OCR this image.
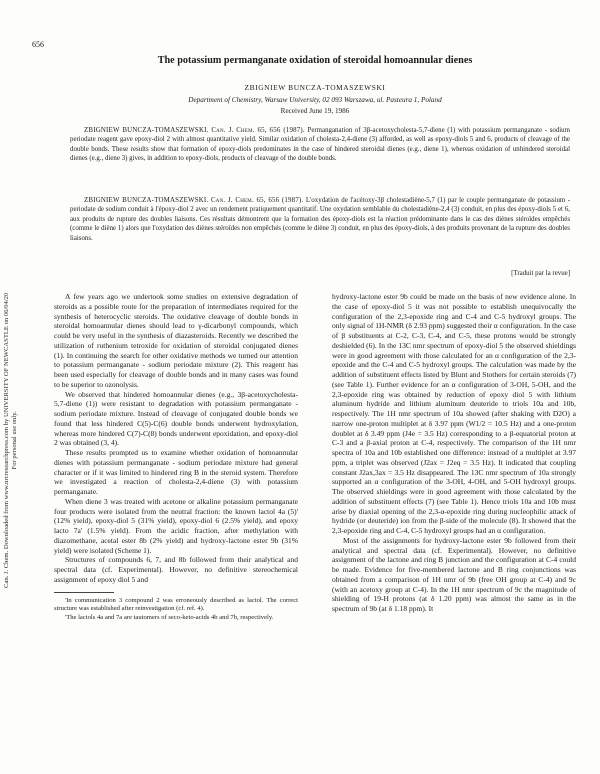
656
Can. J. Chem. Downloaded from www.nrcresearchpress.com by UNIVERSITY OF NEWCASTLE on 06/04/20 For personal use only.
The potassium permanganate oxidation of steroidal homoannular dienes
ZBIGNIEW BUNCZA-TOMASZEWSKI
Department of Chemistry, Warsaw University, 02 093 Warszawa, ul. Pasteura 1, Poland
Received June 19, 1986

ZBIGNIEW BUNCZA-TOMASZEWSKI. Can. J. Chem. 65, 656 (1987). Permanganation of 3β-acetoxycholesta-5,7-diene (1) with potassium permanganate - sodium periodate reagent gave epoxy-diol 2 with almost quantitative yield. Similar oxidation of cholesta-2,4-diene (3) afforded, as well as epoxy-diols 5 and 6, products of cleavage of the double bonds. These results show that formation of epoxy-diols predominates in the case of hindered steroidal dienes (e.g., diene 1), whereas oxidation of unhindered steroidal dienes (e.g., diene 3) gives, in addition to epoxy-diols, products of cleavage of the double bonds.

ZBIGNIEW BUNCZA-TOMASZEWSKI. Can. J. Chem. 65, 656 (1987). L'oxydation de l'acétoxy-3β cholestadiène-5,7 (1) par le couple permanganate de potassium - periodate de sodium conduit à l'époxy-diol 2 avec un rendement pratiquement quantitatif. Une oxydation semblable du cholestadiène-2,4 (3) conduit, en plus des époxy-diols 5 et 6, aux produits de rupture des doubles liaisons. Ces résultats démontrent que la formation des époxy-diols est la réaction prédominante dans le cas des diènes stéroïdes empêchés (comme le diène 1) alors que l'oxydation des diènes stéroïdes non empêchés (comme le diène 3) conduit, en plus des époxy-diols, à des produits provenant de la rupture des doubles liaisons.

[Traduit par la revue]

A few years ago we undertook some studies on extensive degradation of steroids as a possible route for the preparation of intermediates required for the synthesis of heterocyclic steroids. The oxidative cleavage of double bonds in steroidal homoannular dienes should lead to γ-dicarbonyl compounds, which could be very useful in the synthesis of diazasteroids. Recently we described the utilization of ruthenium tetroxide for oxidation of steroidal conjugated dienes (1). In continuing the search for other oxidative methods we turned our attention to potassium permanganate - sodium periodate mixture (2). This reagent has been used especially for cleavage of double bonds and in many cases was found to be superior to ozonolysis.

We observed that hindered homoannular dienes (e.g., 3β-acetoxycholesta-5,7-diene (1)) were resistant to degradation with potassium permanganate - sodium periodate mixture. Instead of cleavage of conjugated double bonds we found that less hindered C(5)-C(6) double bonds underwent hydroxylation, whereas more hindered C(7)-C(8) bonds underwent epoxidation, and epoxy-diol 2 was obtained (3, 4).

These results prompted us to examine whether oxidation of homoannular dienes with potassium permanganate - sodium periodate mixture had general character or if it was limited to hindered ring B in the steroid system. Therefore we investigated a reaction of cholesta-2,4-diene (3) with potassium permanganate.

When diene 3 was treated with acetone or alkaline potassium permanganate four products were isolated from the neutral fraction: the known lactol 4a (5)' (12% yield), epoxy-diol 5 (31% yield), epoxy-diol 6 (2.5% yield), and epoxy lacto 7a' (1.5% yield). From the acidic fraction, after methylation with diazomethane, acetal ester 8b (2% yield) and hydroxy-lactone ester 9b (31% yield) were isolated (Scheme 1).

Structures of compounds 6, 7, and 8b followed from their analytical and spectral data (cf. Experimental). However, no definitive stereochemical assignment of epoxy diol 5 and

'In communication 3 compound 2 was erroneously described as lactol. The correct structure was established after reinvestigation (cf. ref. 4).

'The lactols 4a and 7a are tautomers of seco-keto-acids 4b and 7b, respectively.

hydroxy-lactone ester 9b could be made on the basis of new evidence alone. In the case of epoxy-diol 5 it was not possible to establish unequivocally the configuration of the 2,3-epoxide ring and C-4 and C-5 hydroxyl groups. The only signal of 1H-NMR (δ 2.93 ppm) suggested their α configuration. In the case of β substituents at C-2, C-3, C-4, and C-5, these protons would be strongly deshielded (6). In the 13C nmr spectrum of epoxy-diol 5 the observed shieldings were in good agreement with those calculated for an α configuration of the 2,3-epoxide and the C-4 and C-5 hydroxyl groups. The calculation was made by the addition of substituent effects listed by Blunt and Stothers for certain steroids (7) (see Table 1). Further evidence for an α configuration of 3-OH, 5-OH, and the 2,3-epoxide ring was obtained by reduction of epoxy diol 5 with lithium aluminum hydride and lithium aluminum deuteride to triols 10a and 10b, respectively. The 1H nmr spectrum of 10a showed (after shaking with D2O) a narrow one-proton multiplet at δ 3.97 ppm (W1/2 = 10.5 Hz) and a one-proton doublet at δ 3.49 ppm (J4e = 3.5 Hz) corresponding to a β-equatorial proton at C-3 and a β-axial proton at C-4, respectively. The comparison of the 1H nmr spectra of 10a and 10b established one difference: instead of a multiplet at 3.97 ppm, a triplet was observed (J2ax = J2eq = 3.5 Hz). It indicated that coupling constant J2ax,3ax = 3.5 Hz disappeared. The 13C nmr spectrum of 10a strongly supported an α configuration of the 3-OH, 4-OH, and 5-OH hydroxyl groups. The observed shieldings were in good agreement with those calculated by the addition of substituent effects (7) (see Table 1). Hence triols 10a and 10b must arise by diaxial opening of the 2,3-α-epoxide ring during nucleophilic attack of hydride (or deuteride) ion from the β-side of the molecule (8). It showed that the 2,3-epoxide ring and C-4, C-5 hydroxyl groups had an α configuration.

Most of the assignments for hydroxy-lactone ester 9b followed from their analytical and spectral data (cf. Experimental). However, no definitive assignment of the lactone and ring B junction and the configuration at C-4 could be made. Evidence for five-membered lactone and B ring conjunctions was obtained from a comparison of 1H nmr of 9b (free OH group at C-4) and 9c (with an acetoxy group at C-4). In the 1H nmr spectrum of 9c the magnitude of shielding of 19-H protons (at δ 1.20 ppm) was almost the same as in the spectrum of 9b (at δ 1.18 ppm). It
